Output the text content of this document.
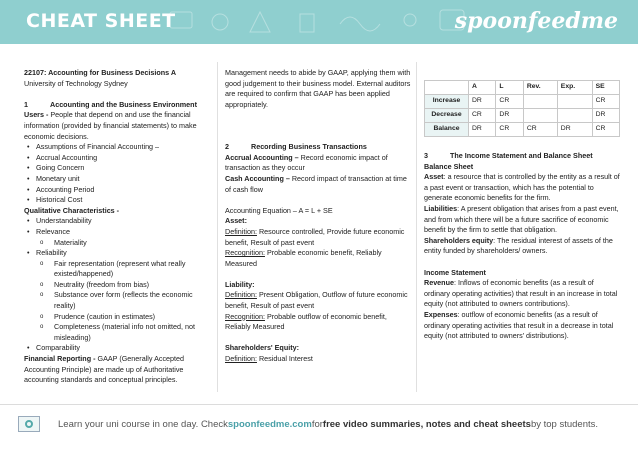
CHEAT SHEET	spoonfeedme

22107: Accounting for Business Decisions A

University of Technology Sydney

1	Accounting and the Business Environment

Users - People that depend on and use the financial information (provided by financial statements) to make economic decisions.

• Assumptions of Financial Accounting –
• Accrual Accounting
• Going Concern
• Monetary unit
• Accounting Period
• Historical Cost

Qualitative Characteristics -

• Understandability
• Relevance
o Materiality
• Reliability
o Fair representation (represent what really existed/happened)
o Neutrality (freedom from bias)
o Substance over form (reflects the economic reality)
o Prudence (caution in estimates)
o Completeness (material info not omitted, not misleading)
• Comparability

Financial Reporting - GAAP (Generally Accepted Accounting Principle) are made up of Authoritative accounting standards and conceptual principles.

Management needs to abide by GAAP, applying them with good judgement to their business model. External auditors are required to confirm that GAAP has been applied appropriately.

2	Recording Business Transactions

Accrual Accounting – Record economic impact of transaction as they occur

Cash Accounting – Record impact of transaction at time of cash flow

Accounting Equation – A = L + SE

Asset:

Definition: Resource controlled, Provide future economic benefit, Result of past event

Recognition: Probable economic benefit, Reliably Measured

Liability:

Definition: Present Obligation, Outflow of future economic benefit, Result of past event

Recognition: Probable outflow of economic benefit, Reliably Measured

Shareholders' Equity:

Definition: Residual Interest

	A	L	Rev.	Exp.	SE
Increase	DR	CR			CR
Decrease	CR	DR			DR
Balance	DR	CR	CR	DR	CR

3	The Income Statement and Balance Sheet

Balance Sheet

Asset: a resource that is controlled by the entity as a result of a past event or transaction, which has the potential to generate economic benefits for the firm.

Liabilities: A present obligation that arises from a past event, and from which there will be a future sacrifice of economic benefit by the firm to settle that obligation.

Shareholders equity: The residual interest of assets of the entity funded by shareholders/ owners.

Income Statement

Revenue: Inflows of economic benefits (as a result of ordinary operating activities) that result in an increase in total equity (not attributed to owners contributions).

Expenses: outflow of economic benefits (as a result of ordinary operating activities that result in a decrease in total equity (not attributed to owners' distributions).

Learn your uni course in one day. Check spoonfeedme.com for free video summaries, notes and cheat sheets by top students.
